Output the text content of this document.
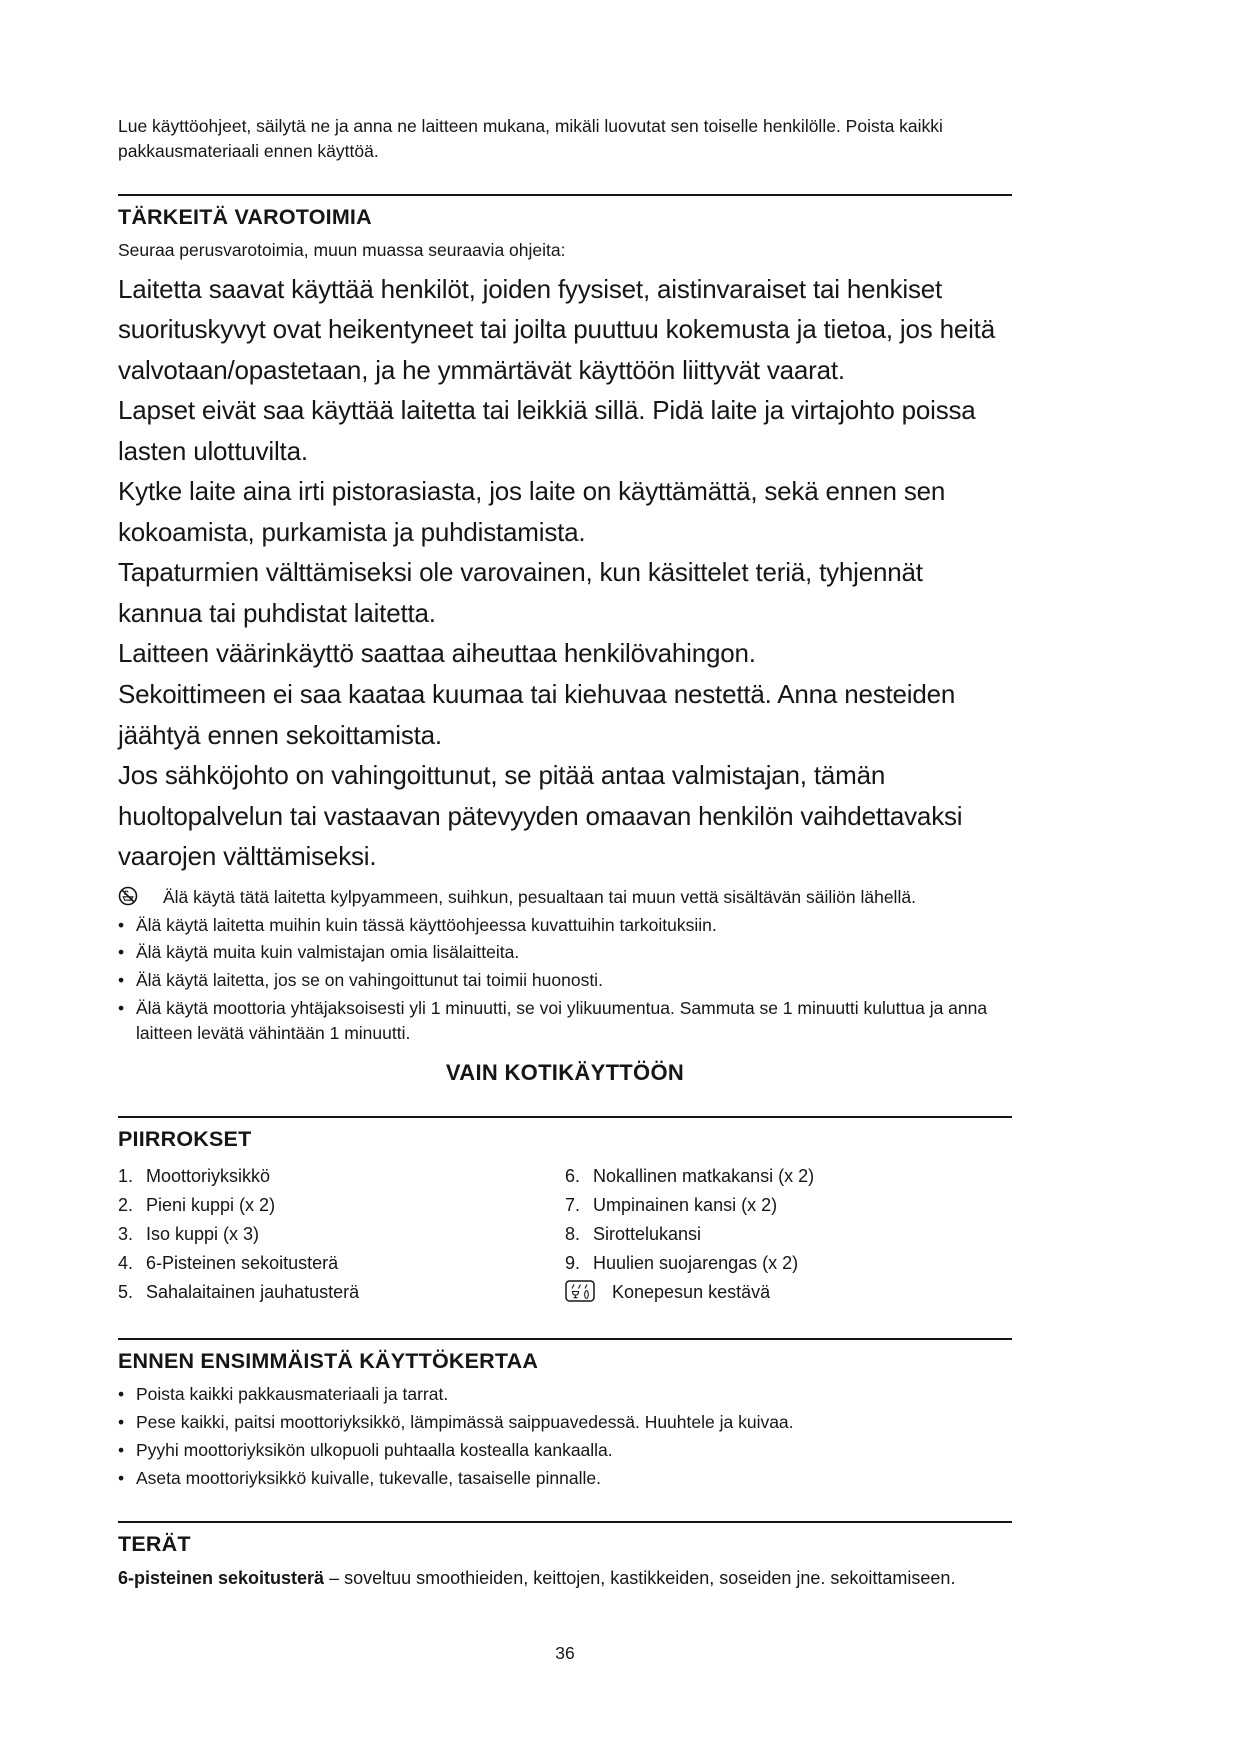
Lue käyttöohjeet, säilytä ne ja anna ne laitteen mukana, mikäli luovutat sen toiselle henkilölle. Poista kaikki pakkausmateriaali ennen käyttöä.

TÄRKEITÄ VAROTOIMIA

Seuraa perusvarotoimia, muun muassa seuraavia ohjeita:

Laitetta saavat käyttää henkilöt, joiden fyysiset, aistinvaraiset tai henkiset suorituskyvyt ovat heikentyneet tai joilta puuttuu kokemusta ja tietoa, jos heitä valvotaan/opastetaan, ja he ymmärtävät käyttöön liittyvät vaarat.

Lapset eivät saa käyttää laitetta tai leikkiä sillä. Pidä laite ja virtajohto poissa lasten ulottuvilta.

Kytke laite aina irti pistorasiasta, jos laite on käyttämättä, sekä ennen sen kokoamista, purkamista ja puhdistamista.

Tapaturmien välttämiseksi ole varovainen, kun käsittelet teriä, tyhjennät kannua tai puhdistat laitetta.

Laitteen väärinkäyttö saattaa aiheuttaa henkilövahingon.

Sekoittimeen ei saa kaataa kuumaa tai kiehuvaa nestettä. Anna nesteiden jäähtyä ennen sekoittamista.

Jos sähköjohto on vahingoittunut, se pitää antaa valmistajan, tämän huoltopalvelun tai vastaavan pätevyyden omaavan henkilön vaihdettavaksi vaarojen välttämiseksi.

Älä käytä tätä laitetta kylpyammeen, suihkun, pesualtaan tai muun vettä sisältävän säiliön lähellä.
• Älä käytä laitetta muihin kuin tässä käyttöohjeessa kuvattuihin tarkoituksiin.
• Älä käytä muita kuin valmistajan omia lisälaitteita.
• Älä käytä laitetta, jos se on vahingoittunut tai toimii huonosti.
• Älä käytä moottoria yhtäjaksoisesti yli 1 minuutti, se voi ylikuumentua. Sammuta se 1 minuutti kuluttua ja anna laitteen levätä vähintään 1 minuutti.

VAIN KOTIKÄYTTÖÖN

PIIRROKSET
1. Moottoriyksikkö
2. Pieni kuppi (x 2)
3. Iso kuppi (x 3)
4. 6-Pisteinen sekoitusterä
5. Sahalaitainen jauhatusterä
6. Nokallinen matkakansi (x 2)
7. Umpinainen kansi (x 2)
8. Sirottelukansi
9. Huulien suojarengas (x 2)
Konepesun kestävä
ENNEN ENSIMMÄISTÄ KÄYTTÖKERTAA
• Poista kaikki pakkausmateriaali ja tarrat.
• Pese kaikki, paitsi moottoriyksikkö, lämpimässä saippuavedessä. Huuhtele ja kuivaa.
• Pyyhi moottoriyksikön ulkopuoli puhtaalla kostealla kankaalla.
• Aseta moottoriyksikkö kuivalle, tukevalle, tasaiselle pinnalle.
TERÄT

6-pisteinen sekoitusterä – soveltuu smoothieiden, keittojen, kastikkeiden, soseiden jne. sekoittamiseen.

36
